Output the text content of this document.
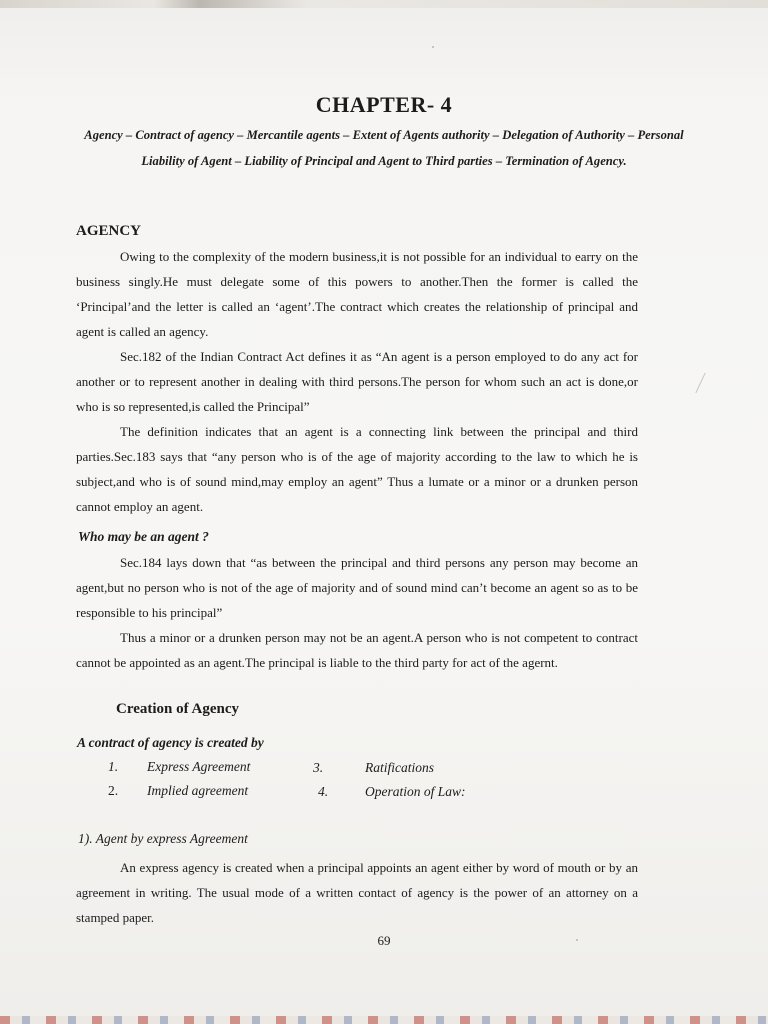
CHAPTER- 4
Agency – Contract of agency – Mercantile agents – Extent of Agents authority – Delegation of Authority – Personal Liability of Agent – Liability of Principal and Agent to Third parties – Termination of Agency.
AGENCY
Owing to the complexity of the modern business,it is not possible for an individual to earry on the business singly.He must delegate some of this powers to another.Then the former is called the ‘Principal’and the letter is called an ‘agent’.The contract which creates the relationship of principal and agent is called an agency.
Sec.182 of the Indian Contract Act defines it as “An agent is a person employed to do any act for another or to represent another in dealing with third persons.The person for whom such an act is done,or who is so represented,is called the Principal”
The definition indicates that an agent is a connecting link between the principal and third parties.Sec.183 says that “any person who is of the age of majority according to the law to which he is subject,and who is of sound mind,may employ an agent” Thus a lumate or a minor or a drunken person cannot employ an agent.
Who may be an agent ?
Sec.184 lays down that “as between the principal and third persons any person may become an agent,but no person who is not of the age of majority and of sound mind can’t become an agent so as to be responsible to his principal”
Thus a minor or a drunken person may not be an agent.A person who is not competent to contract cannot be appointed as an agent.The principal is liable to the third party for act of the agernt.
Creation of Agency
A contract of agency is created by
1. Express Agreement
2. Implied agreement
3.	Ratifications
4.	Operation of Law:
1). Agent by express Agreement
An express agency is created when a principal appoints an agent either by word of mouth or by an agreement in writing. The usual mode of a written contact of agency is the power of an attorney on a stamped paper.
69
